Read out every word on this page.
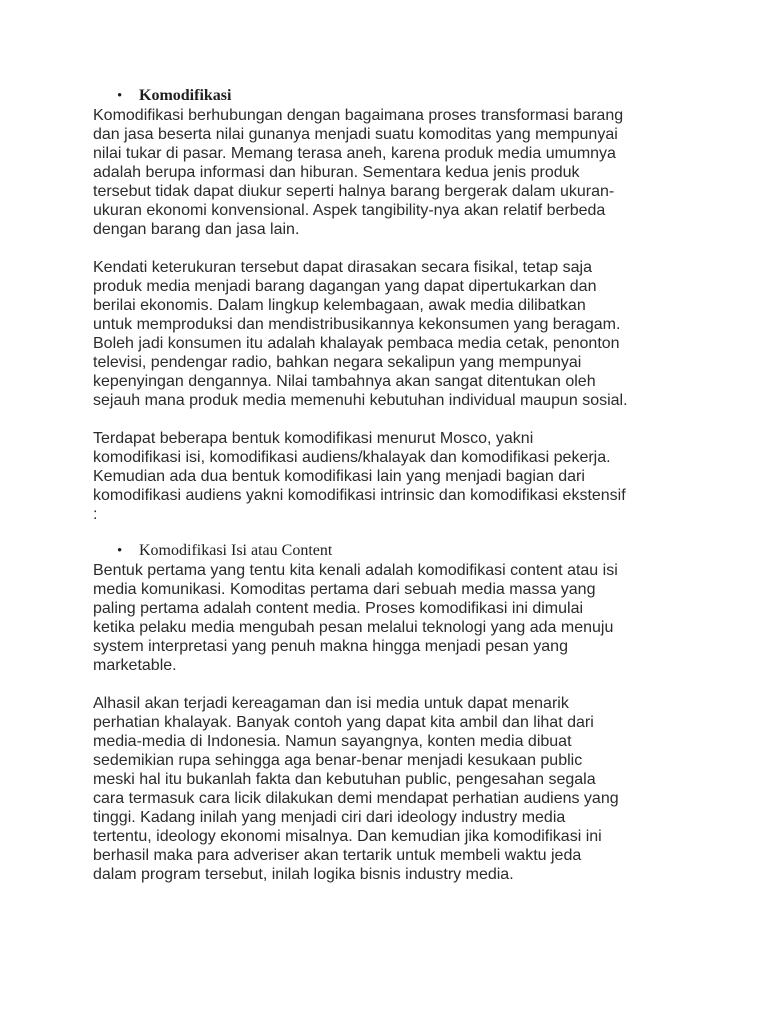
• Komodifikasi

Komodifikasi berhubungan dengan bagaimana proses transformasi barang
dan jasa beserta nilai gunanya menjadi suatu komoditas yang mempunyai
nilai tukar di pasar. Memang terasa aneh, karena produk media umumnya
adalah berupa informasi dan hiburan. Sementara kedua jenis produk
tersebut tidak dapat diukur seperti halnya barang bergerak dalam ukuran-
ukuran ekonomi konvensional. Aspek tangibility-nya akan relatif berbeda
dengan barang dan jasa lain.

Kendati keterukuran tersebut dapat dirasakan secara fisikal, tetap saja
produk media menjadi barang dagangan yang dapat dipertukarkan dan
berilai ekonomis. Dalam lingkup kelembagaan, awak media dilibatkan
untuk memproduksi dan mendistribusikannya kekonsumen yang beragam.
Boleh jadi konsumen itu adalah khalayak pembaca media cetak, penonton
televisi, pendengar radio, bahkan negara sekalipun yang mempunyai
kepenyingan dengannya. Nilai tambahnya akan sangat ditentukan oleh
sejauh mana produk media memenuhi kebutuhan individual maupun sosial.

Terdapat beberapa bentuk komodifikasi menurut Mosco, yakni
komodifikasi isi, komodifikasi audiens/khalayak dan komodifikasi pekerja.
Kemudian ada dua bentuk komodifikasi lain yang menjadi bagian dari
komodifikasi audiens yakni komodifikasi intrinsic dan komodifikasi ekstensif
:

• Komodifikasi Isi atau Content

Bentuk pertama yang tentu kita kenali adalah komodifikasi content atau isi
media komunikasi. Komoditas pertama dari sebuah media massa yang
paling pertama adalah content media. Proses komodifikasi ini dimulai
ketika pelaku media mengubah pesan melalui teknologi yang ada menuju
system interpretasi yang penuh makna hingga menjadi pesan yang
marketable.

Alhasil akan terjadi kereagaman dan isi media untuk dapat menarik
perhatian khalayak. Banyak contoh yang dapat kita ambil dan lihat dari
media-media di Indonesia. Namun sayangnya, konten media dibuat
sedemikian rupa sehingga aga benar-benar menjadi kesukaan public
meski hal itu bukanlah fakta dan kebutuhan public, pengesahan segala
cara termasuk cara licik dilakukan demi mendapat perhatian audiens yang
tinggi. Kadang inilah yang menjadi ciri dari ideology industry media
tertentu, ideology ekonomi misalnya. Dan kemudian jika komodifikasi ini
berhasil maka para adveriser akan tertarik untuk membeli waktu jeda
dalam program tersebut, inilah logika bisnis industry media.
